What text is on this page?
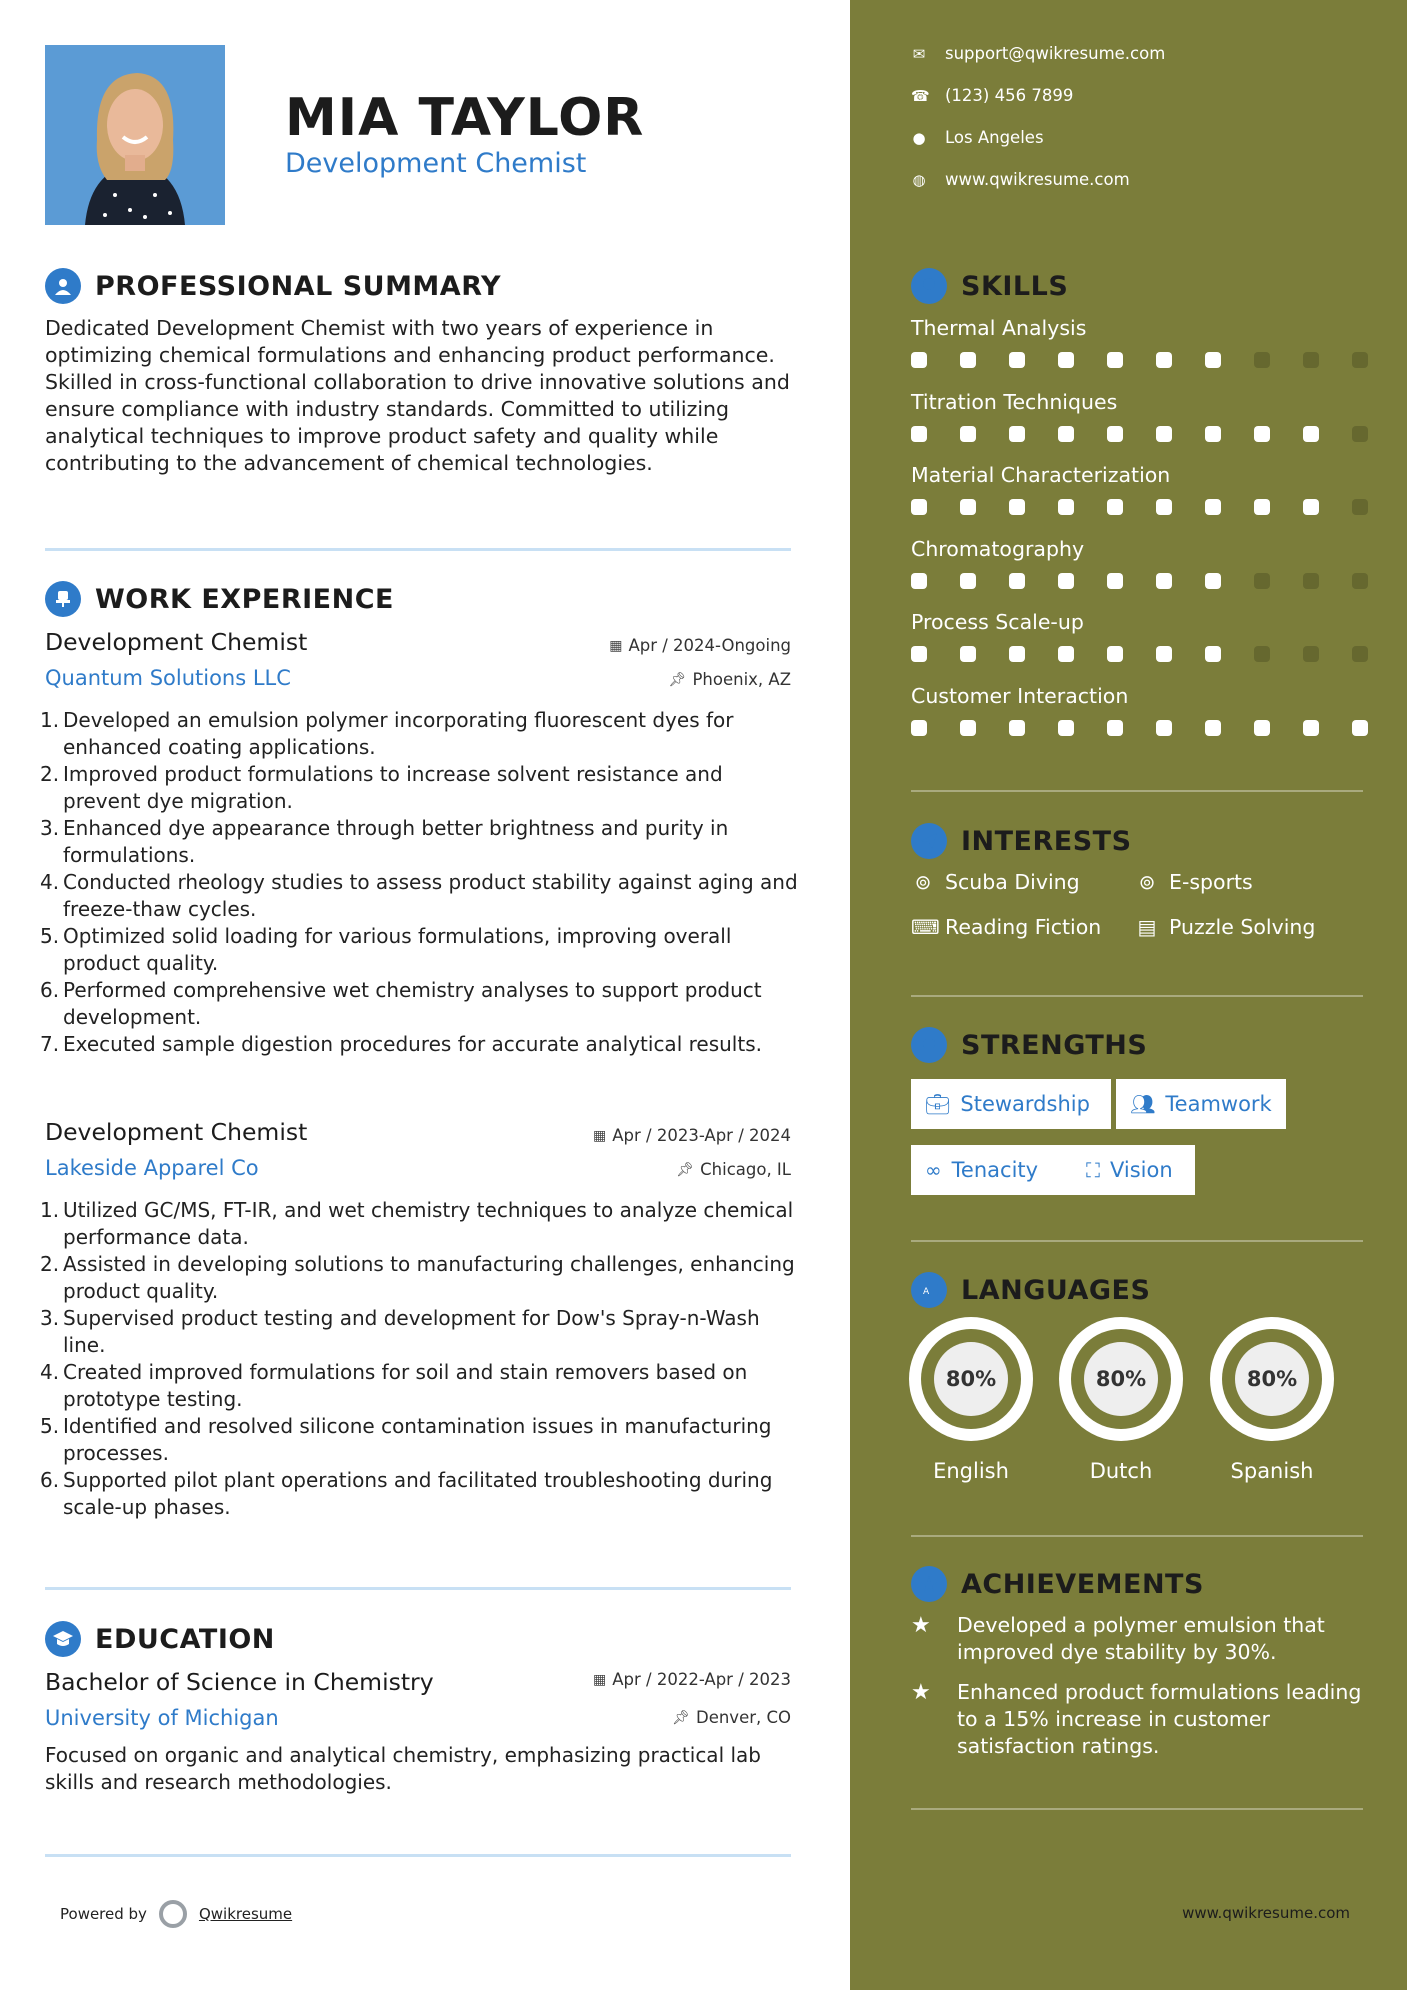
MIA TAYLOR
Development Chemist
PROFESSIONAL SUMMARY
Dedicated Development Chemist with two years of experience in optimizing chemical formulations and enhancing product performance. Skilled in cross-functional collaboration to drive innovative solutions and ensure compliance with industry standards. Committed to utilizing analytical techniques to improve product safety and quality while contributing to the advancement of chemical technologies.
WORK EXPERIENCE
Development Chemist	▦ Apr / 2024-Ongoing
Quantum Solutions LLC	📌︎ Phoenix, AZ
1. Developed an emulsion polymer incorporating fluorescent dyes for enhanced coating applications.
2. Improved product formulations to increase solvent resistance and prevent dye migration.
3. Enhanced dye appearance through better brightness and purity in formulations.
4. Conducted rheology studies to assess product stability against aging and freeze-thaw cycles.
5. Optimized solid loading for various formulations, improving overall product quality.
6. Performed comprehensive wet chemistry analyses to support product development.
7. Executed sample digestion procedures for accurate analytical results.
Development Chemist	▦ Apr / 2023-Apr / 2024
Lakeside Apparel Co	📌︎ Chicago, IL
1. Utilized GC/MS, FT-IR, and wet chemistry techniques to analyze chemical performance data.
2. Assisted in developing solutions to manufacturing challenges, enhancing product quality.
3. Supervised product testing and development for Dow's Spray-n-Wash line.
4. Created improved formulations for soil and stain removers based on prototype testing.
5. Identified and resolved silicone contamination issues in manufacturing processes.
6. Supported pilot plant operations and facilitated troubleshooting during scale-up phases.
EDUCATION
Bachelor of Science in Chemistry	▦ Apr / 2022-Apr / 2023
University of Michigan	📌︎ Denver, CO
Focused on organic and analytical chemistry, emphasizing practical lab skills and research methodologies.
Powered by	Qwikresume
✉ support@qwikresume.com
☎ (123) 456 7899
● Los Angeles
◍ www.qwikresume.com
SKILLS
Thermal Analysis
Titration Techniques
Material Characterization
Chromatography
Process Scale-up
Customer Interaction
INTERESTS
⊚ Scuba Diving	⊚ E-sports
⌨ Reading Fiction ▤ Puzzle Solving
STRENGTHS
💼︎ Stewardship 👥︎ Teamwork
∞ Tenacity ⛶ Vision
A LANGUAGES
80%
English
80%
Dutch
80%
Spanish
ACHIEVEMENTS
★	Developed a polymer emulsion that improved dye stability by 30%.
★	Enhanced product formulations leading to a 15% increase in customer satisfaction ratings.
www.qwikresume.com
